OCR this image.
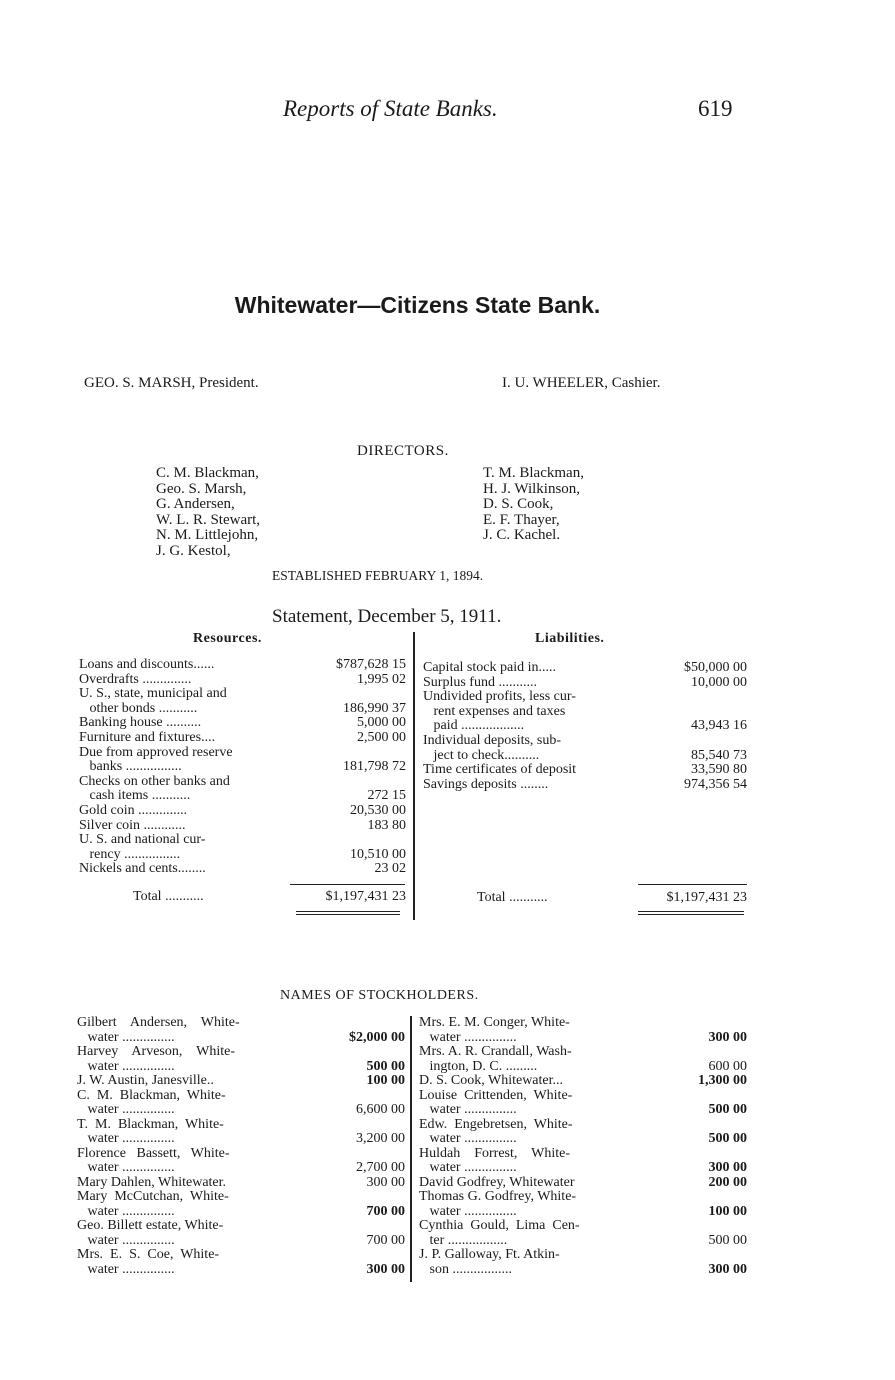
Reports of State Banks.	619
Whitewater—Citizens State Bank.
GEO. S. MARSH, President.	I. U. WHEELER, Cashier.
DIRECTORS.
C. M. Blackman,
Geo. S. Marsh,
G. Andersen,
W. L. R. Stewart,
N. M. Littlejohn,
J. G. Kestol,
T. M. Blackman,
H. J. Wilkinson,
D. S. Cook,
E. F. Thayer,
J. C. Kachel.
ESTABLISHED FEBRUARY 1, 1894.
Statement, December 5, 1911.
Resources.	Liabilities.
Loans and discounts......	$787,628 15
Overdrafts ..............	1,995 02
U. S., state, municipal and
other bonds ...........	186,990 37
Banking house ..........	5,000 00
Furniture and fixtures....	2,500 00
Due from approved reserve
banks ................	181,798 72
Checks on other banks and
cash items ...........	272 15
Gold coin ..............	20,530 00
Silver coin ............	183 80
U. S. and national cur-
rency ................	10,510 00
Nickels and cents........	23 02
Total ...........	$1,197,431 23
Capital stock paid in.....	$50,000 00
Surplus fund ...........	10,000 00
Undivided profits, less cur-
rent expenses and taxes
paid ..................	43,943 16
Individual deposits, sub-
ject to check..........	85,540 73
Time certificates of deposit	33,590 80
Savings deposits ........	974,356 54
Total ...........	$1,197,431 23
NAMES OF STOCKHOLDERS.
Gilbert    Andersen,    White-
water ...............	$2,000 00
Harvey    Arveson,    White-
water ...............	500 00
J. W. Austin, Janesville..	100 00
C.  M.  Blackman,  White-
water ...............	6,600 00
T.  M.  Blackman,  White-
water ...............	3,200 00
Florence   Bassett,   White-
water ...............	2,700 00
Mary Dahlen, Whitewater.	300 00
Mary  McCutchan,  White-
water ...............	700 00
Geo. Billett estate, White-
water ...............	700 00
Mrs.  E.  S.  Coe,  White-
water ...............	300 00
Mrs. E. M. Conger, White-
water ...............	300 00
Mrs. A. R. Crandall, Wash-
ington, D. C. .........	600 00
D. S. Cook, Whitewater...	1,300 00
Louise  Crittenden,  White-
water ...............	500 00
Edw.  Engebretsen,  White-
water ...............	500 00
Huldah    Forrest,    White-
water ...............	300 00
David Godfrey, Whitewater	200 00
Thomas G. Godfrey, White-
water ...............	100 00
Cynthia  Gould,  Lima  Cen-
ter .................	500 00
J. P. Galloway, Ft. Atkin-
son .................	300 00
